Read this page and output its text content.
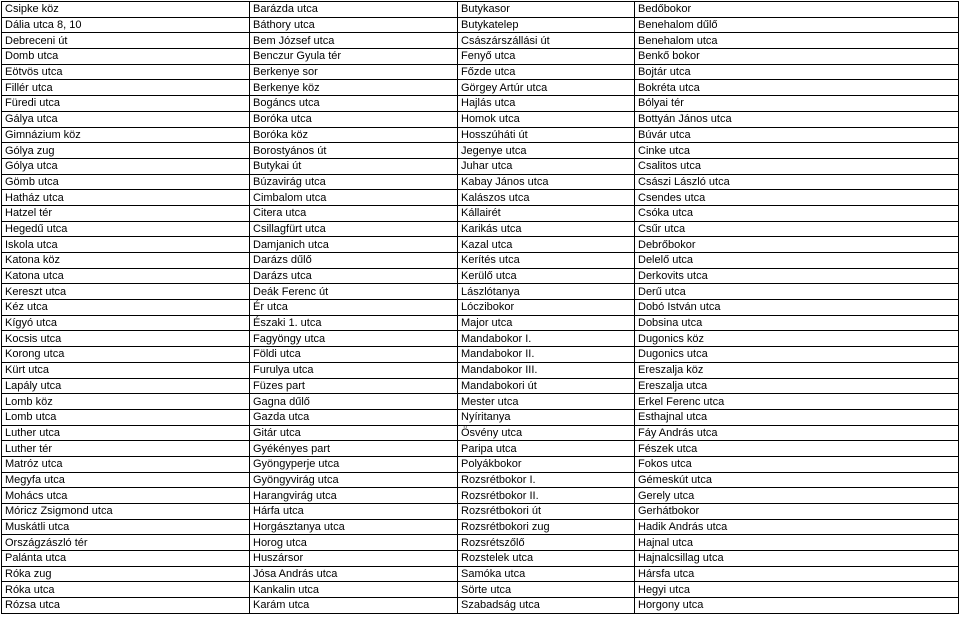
Csipke köz	Barázda utca	Butykasor	Bedőbokor
Dália utca 8, 10	Báthory utca	Butykatelep	Benehalom dűlő
Debreceni út	Bem József utca	Császárszállási út	Benehalom utca
Domb utca	Benczur Gyula tér	Fenyő utca	Benkő bokor
Eötvös utca	Berkenye sor	Főzde utca	Bojtár utca
Fillér utca	Berkenye köz	Görgey Artúr utca	Bokréta utca
Füredi utca	Bogáncs utca	Hajlás utca	Bólyai tér
Gálya utca	Boróka utca	Homok utca	Bottyán János utca
Gimnázium köz	Boróka köz	Hosszúháti út	Búvár utca
Gólya zug	Borostyános út	Jegenye utca	Cinke utca
Gólya utca	Butykai út	Juhar utca	Csalitos utca
Gömb utca	Búzavirág utca	Kabay János utca	Császi László utca
Hatház utca	Cimbalom utca	Kalászos utca	Csendes utca
Hatzel tér	Citera utca	Kállairét	Csóka utca
Hegedű utca	Csillagfürt utca	Karikás utca	Csűr utca
Iskola utca	Damjanich utca	Kazal utca	Debrőbokor
Katona köz	Darázs dűlő	Kerítés utca	Delelő utca
Katona utca	Darázs utca	Kerülő utca	Derkovits utca
Kereszt utca	Deák Ferenc út	Lászlótanya	Derű utca
Kéz utca	Ér utca	Lóczibokor	Dobó István utca
Kígyó utca	Északi 1. utca	Major utca	Dobsina utca
Kocsis utca	Fagyöngy utca	Mandabokor I.	Dugonics köz
Korong utca	Földi utca	Mandabokor II.	Dugonics utca
Kürt utca	Furulya utca	Mandabokor III.	Ereszalja köz
Lapály utca	Füzes part	Mandabokori út	Ereszalja utca
Lomb köz	Gagna dűlő	Mester utca	Erkel Ferenc utca
Lomb utca	Gazda utca	Nyíritanya	Esthajnal utca
Luther utca	Gitár utca	Ösvény utca	Fáy András utca
Luther tér	Gyékényes part	Paripa utca	Fészek utca
Matróz utca	Gyöngyperje utca	Polyákbokor	Fokos utca
Megyfa utca	Gyöngyvirág utca	Rozsrétbokor I.	Gémeskút utca
Mohács utca	Harangvirág utca	Rozsrétbokor II.	Gerely utca
Móricz Zsigmond utca	Hárfa utca	Rozsrétbokori út	Gerhátbokor
Muskátli utca	Horgásztanya utca	Rozsrétbokori zug	Hadik András utca
Országzászló tér	Horog utca	Rozsrétszőlő	Hajnal utca
Palánta utca	Huszársor	Rozstelek utca	Hajnalcsillag utca
Róka zug	Jósa András utca	Samóka utca	Hársfa utca
Róka utca	Kankalin utca	Sörte utca	Hegyi utca
Rózsa utca	Karám utca	Szabadság utca	Horgony utca
